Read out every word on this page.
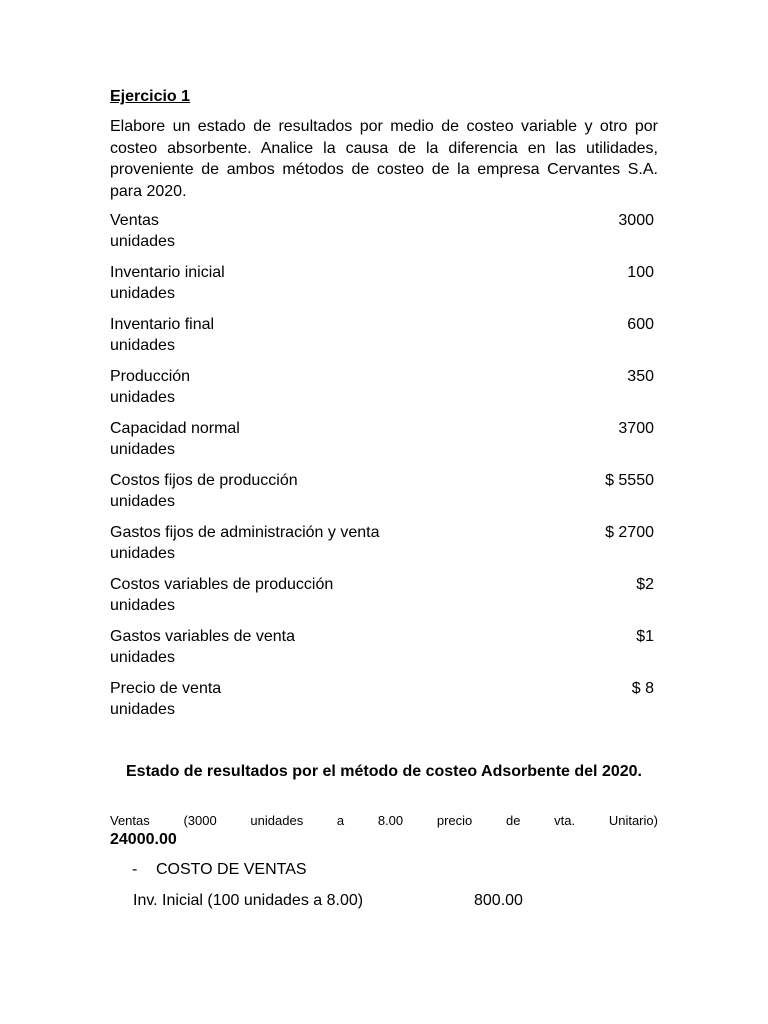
Ejercicio 1

Elabore un estado de resultados por medio de costeo variable y otro por costeo absorbente. Analice la causa de la diferencia en las utilidades, proveniente de ambos métodos de costeo de la empresa Cervantes S.A. para 2020.

Ventas	3000
unidades
Inventario inicial	100
unidades
Inventario final	600
unidades
Producción	350
unidades
Capacidad normal	3700
unidades
Costos fijos de producción	$ 5550
unidades
Gastos fijos de administración y venta	$ 2700
unidades
Costos variables de producción	$2
unidades
Gastos variables de venta	$1
unidades
Precio de venta	$ 8
unidades

Estado de resultados por el método de costeo Adsorbente del 2020.

Ventas	(3000	unidades	a	8.00	precio	de	vta.	Unitario)
24000.00
- COSTO DE VENTAS
Inv. Inicial (100 unidades a 8.00)	800.00
